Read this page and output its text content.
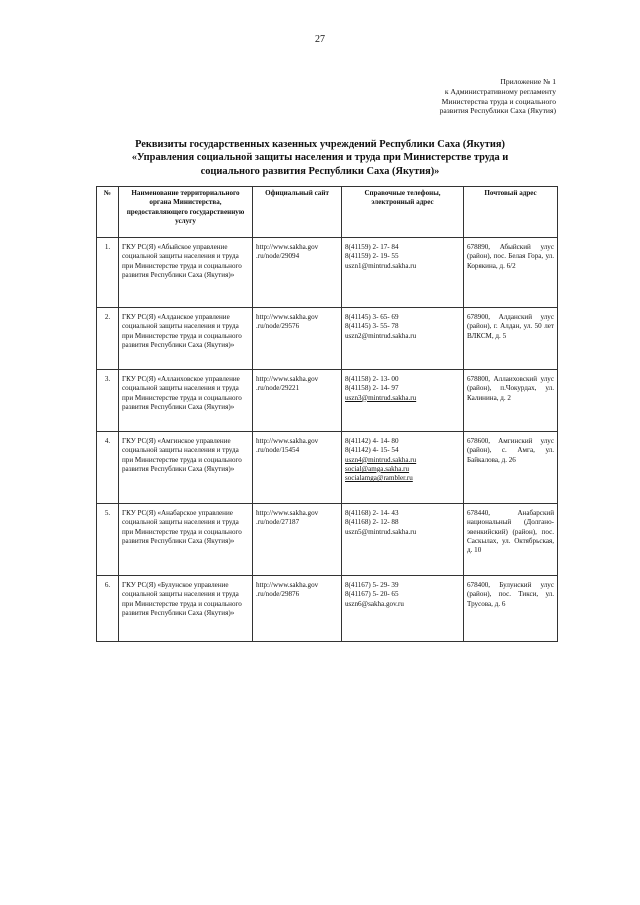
27
Приложение № 1
к Административному регламенту
Министерства труда и социального
развития Республики Саха (Якутия)
Реквизиты государственных казенных учреждений Республики Саха (Якутия)
«Управления социальной защиты населения и труда при Министерстве труда и
социального развития Республики Саха (Якутия)»
№	Наименование территориального органа Министерства, предоставляющего государственную услугу	Официальный сайт	Справочные телефоны, электронный адрес	Почтовый адрес
1.	ГКУ РС(Я) «Абыйское управление социальной защиты населения и труда при Министерстве труда и социального развития Республики Саха (Якутия)»	http://www.sakha.gov
.ru/node/29094	8(41159) 2- 17- 84
8(41159) 2- 19- 55
uszn1@mintrud.sakha.ru	678890, Абыйский улус (район), пос. Белая Гора, ул. Корякина, д. 6/2
2.	ГКУ РС(Я) «Алданское управление социальной защиты населения и труда при Министерстве труда и социального развития Республики Саха (Якутия)»	http://www.sakha.gov
.ru/node/29576	8(41145) 3- 65- 69
8(41145) 3- 55- 78
uszn2@mintrud.sakha.ru	678900, Алданский улус (район), г. Алдан, ул. 50 лет ВЛКСМ, д. 5
3.	ГКУ РС(Я) «Аллаиховское управление социальной защиты населения и труда при Министерстве труда и социального развития Республики Саха (Якутия)»	http://www.sakha.gov
.ru/node/29221	8(41158) 2- 13- 00
8(41158) 2- 14- 97
uszn3@mintrud.sakha.ru	678800, Аллаиховский улус (район), п.Чокурдах, ул. Калинина, д. 2
4.	ГКУ РС(Я) «Амгинское управление социальной защиты населения и труда при Министерстве труда и социального развития Республики Саха (Якутия)»	http://www.sakha.gov
.ru/node/15454	8(41142) 4- 14- 80
8(41142) 4- 15- 54
uszn4@mintrud.sakha.ru
social@amga.sakha.ru
socialamga@rambler.ru	678600, Амгинский улус (район), с. Амга, ул. Байкалова, д. 26
5.	ГКУ РС(Я) «Анабарское управление социальной защиты населения и труда при Министерстве труда и социального развития Республики Саха (Якутия)»	http://www.sakha.gov
.ru/node/27187	8(41168) 2- 14- 43
8(41168) 2- 12- 88
uszn5@mintrud.sakha.ru	678440, Анабарский национальный (Долгано- эвенкийский) (район), пос. Саскылах, ул. Октябрьская, д. 10
6.	ГКУ РС(Я) «Булунское управление социальной защиты населения и труда при Министерстве труда и социального развития Республики Саха (Якутия)»	http://www.sakha.gov
.ru/node/29876	8(41167) 5- 29- 39
8(41167) 5- 20- 65
uszn6@sakha.gov.ru	678400, Булунский улус (район), пос. Тикси, ул. Трусова, д. 6
